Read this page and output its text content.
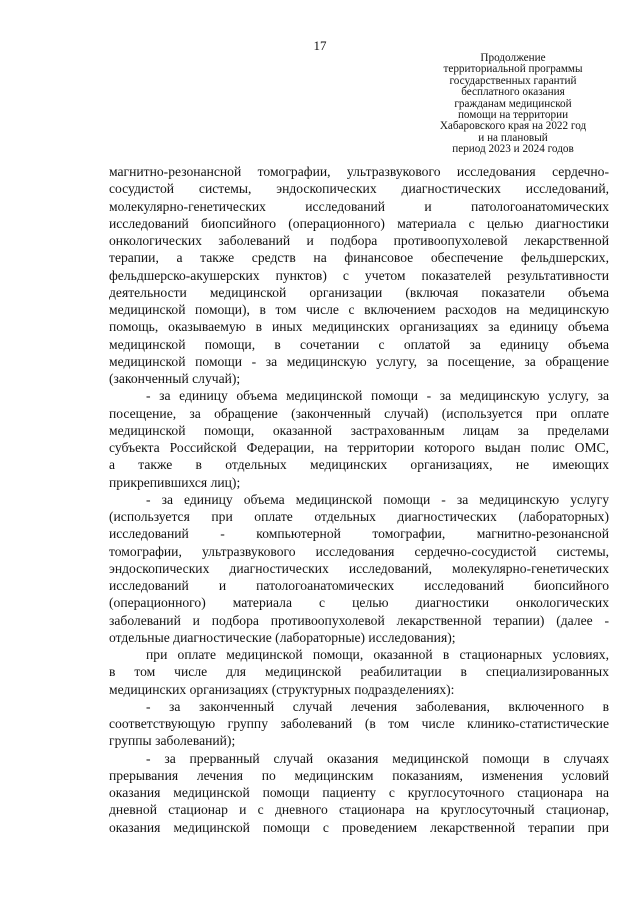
17
Продолжение
территориальной программы
государственных гарантий
бесплатного оказания
гражданам медицинской
помощи на территории
Хабаровского края на 2022 год
и на плановый
период 2023 и 2024 годов

магнитно-резонансной томографии, ультразвукового исследования сердечно-
сосудистой системы, эндоскопических диагностических исследований,
молекулярно-генетических исследований и патологоанатомических
исследований биопсийного (операционного) материала с целью диагностики
онкологических заболеваний и подбора противоопухолевой лекарственной
терапии, а также средств на финансовое обеспечение фельдшерских,
фельдшерско-акушерских пунктов) с учетом показателей результативности
деятельности медицинской организации (включая показатели объема
медицинской помощи), в том числе с включением расходов на медицинскую
помощь, оказываемую в иных медицинских организациях за единицу объема
медицинской помощи, в сочетании с оплатой за единицу объема
медицинской помощи - за медицинскую услугу, за посещение, за обращение
(законченный случай);

- за единицу объема медицинской помощи - за медицинскую услугу, за
посещение, за обращение (законченный случай) (используется при оплате
медицинской помощи, оказанной застрахованным лицам за пределами
субъекта Российской Федерации, на территории которого выдан полис ОМС,
а также в отдельных медицинских организациях, не имеющих
прикрепившихся лиц);

- за единицу объема медицинской помощи - за медицинскую услугу
(используется при оплате отдельных диагностических (лабораторных)
исследований - компьютерной томографии, магнитно-резонансной
томографии, ультразвукового исследования сердечно-сосудистой системы,
эндоскопических диагностических исследований, молекулярно-генетических
исследований и патологоанатомических исследований биопсийного
(операционного) материала с целью диагностики онкологических
заболеваний и подбора противоопухолевой лекарственной терапии) (далее -
отдельные диагностические (лабораторные) исследования);

при оплате медицинской помощи, оказанной в стационарных условиях,
в том числе для медицинской реабилитации в специализированных
медицинских организациях (структурных подразделениях):

- за законченный случай лечения заболевания, включенного в
соответствующую группу заболеваний (в том числе клинико-статистические
группы заболеваний);

- за прерванный случай оказания медицинской помощи в случаях
прерывания лечения по медицинским показаниям, изменения условий
оказания медицинской помощи пациенту с круглосуточного стационара на
дневной стационар и с дневного стационара на круглосуточный стационар,
оказания медицинской помощи с проведением лекарственной терапии при
